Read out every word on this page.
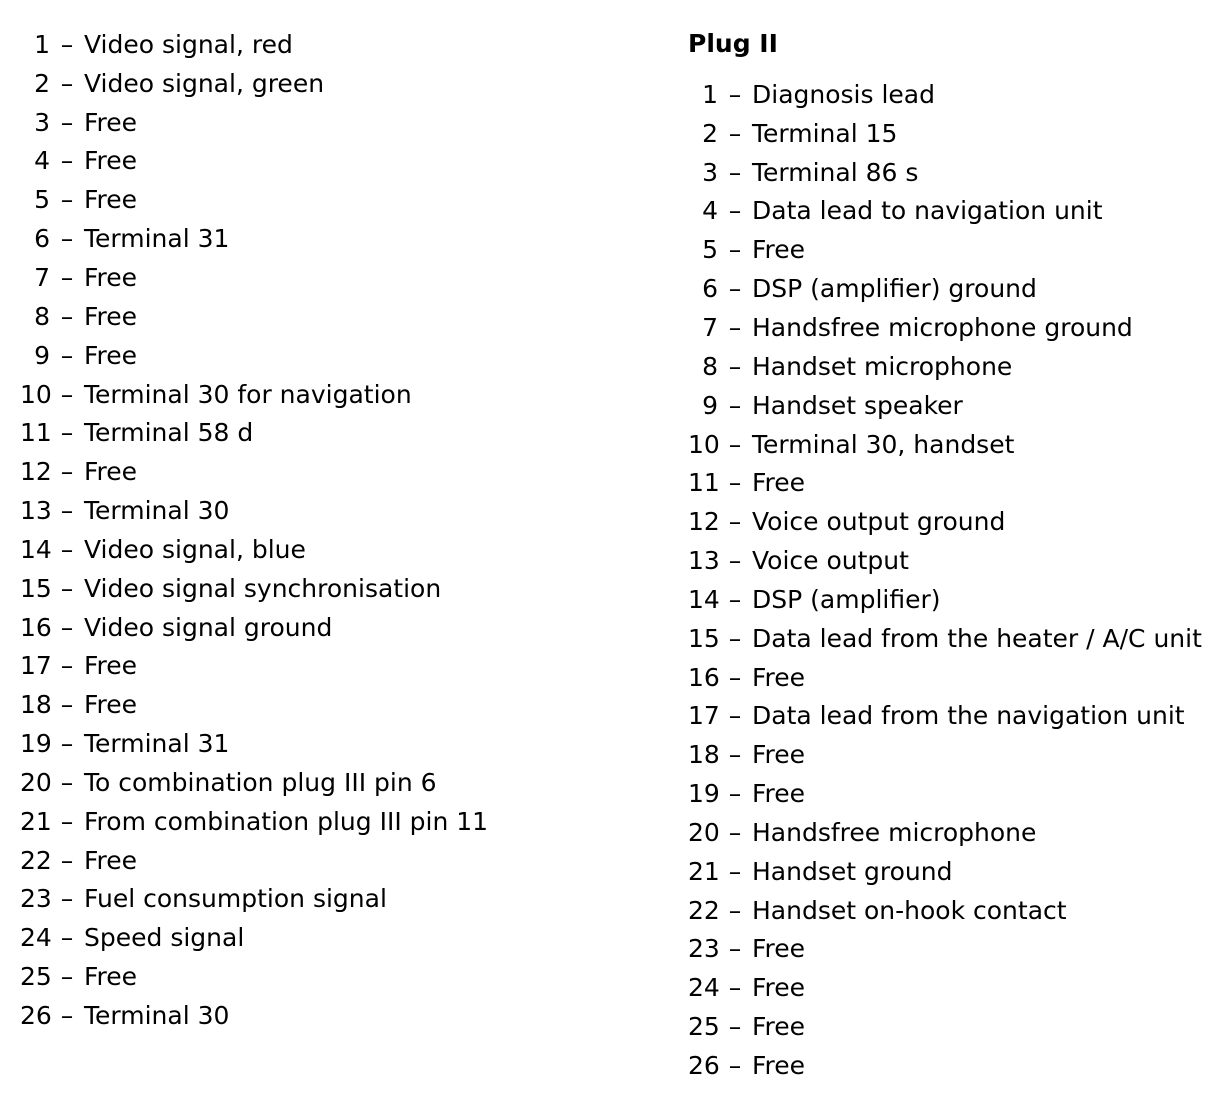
1 – Video signal, red
2 – Video signal, green
3 – Free
4 – Free
5 – Free
6 – Terminal 31
7 – Free
8 – Free
9 – Free
10 – Terminal 30 for navigation
11 – Terminal 58 d
12 – Free
13 – Terminal 30
14 – Video signal, blue
15 – Video signal synchronisation
16 – Video signal ground
17 – Free
18 – Free
19 – Terminal 31
20 – To combination plug III pin 6
21 – From combination plug III pin 11
22 – Free
23 – Fuel consumption signal
24 – Speed signal
25 – Free
26 – Terminal 30
Plug II
1 – Diagnosis lead
2 – Terminal 15
3 – Terminal 86 s
4 – Data lead to navigation unit
5 – Free
6 – DSP (amplifier) ground
7 – Handsfree microphone ground
8 – Handset microphone
9 – Handset speaker
10 – Terminal 30, handset
11 – Free
12 – Voice output ground
13 – Voice output
14 – DSP (amplifier)
15 – Data lead from the heater / A/C unit
16 – Free
17 – Data lead from the navigation unit
18 – Free
19 – Free
20 – Handsfree microphone
21 – Handset ground
22 – Handset on-hook contact
23 – Free
24 – Free
25 – Free
26 – Free
